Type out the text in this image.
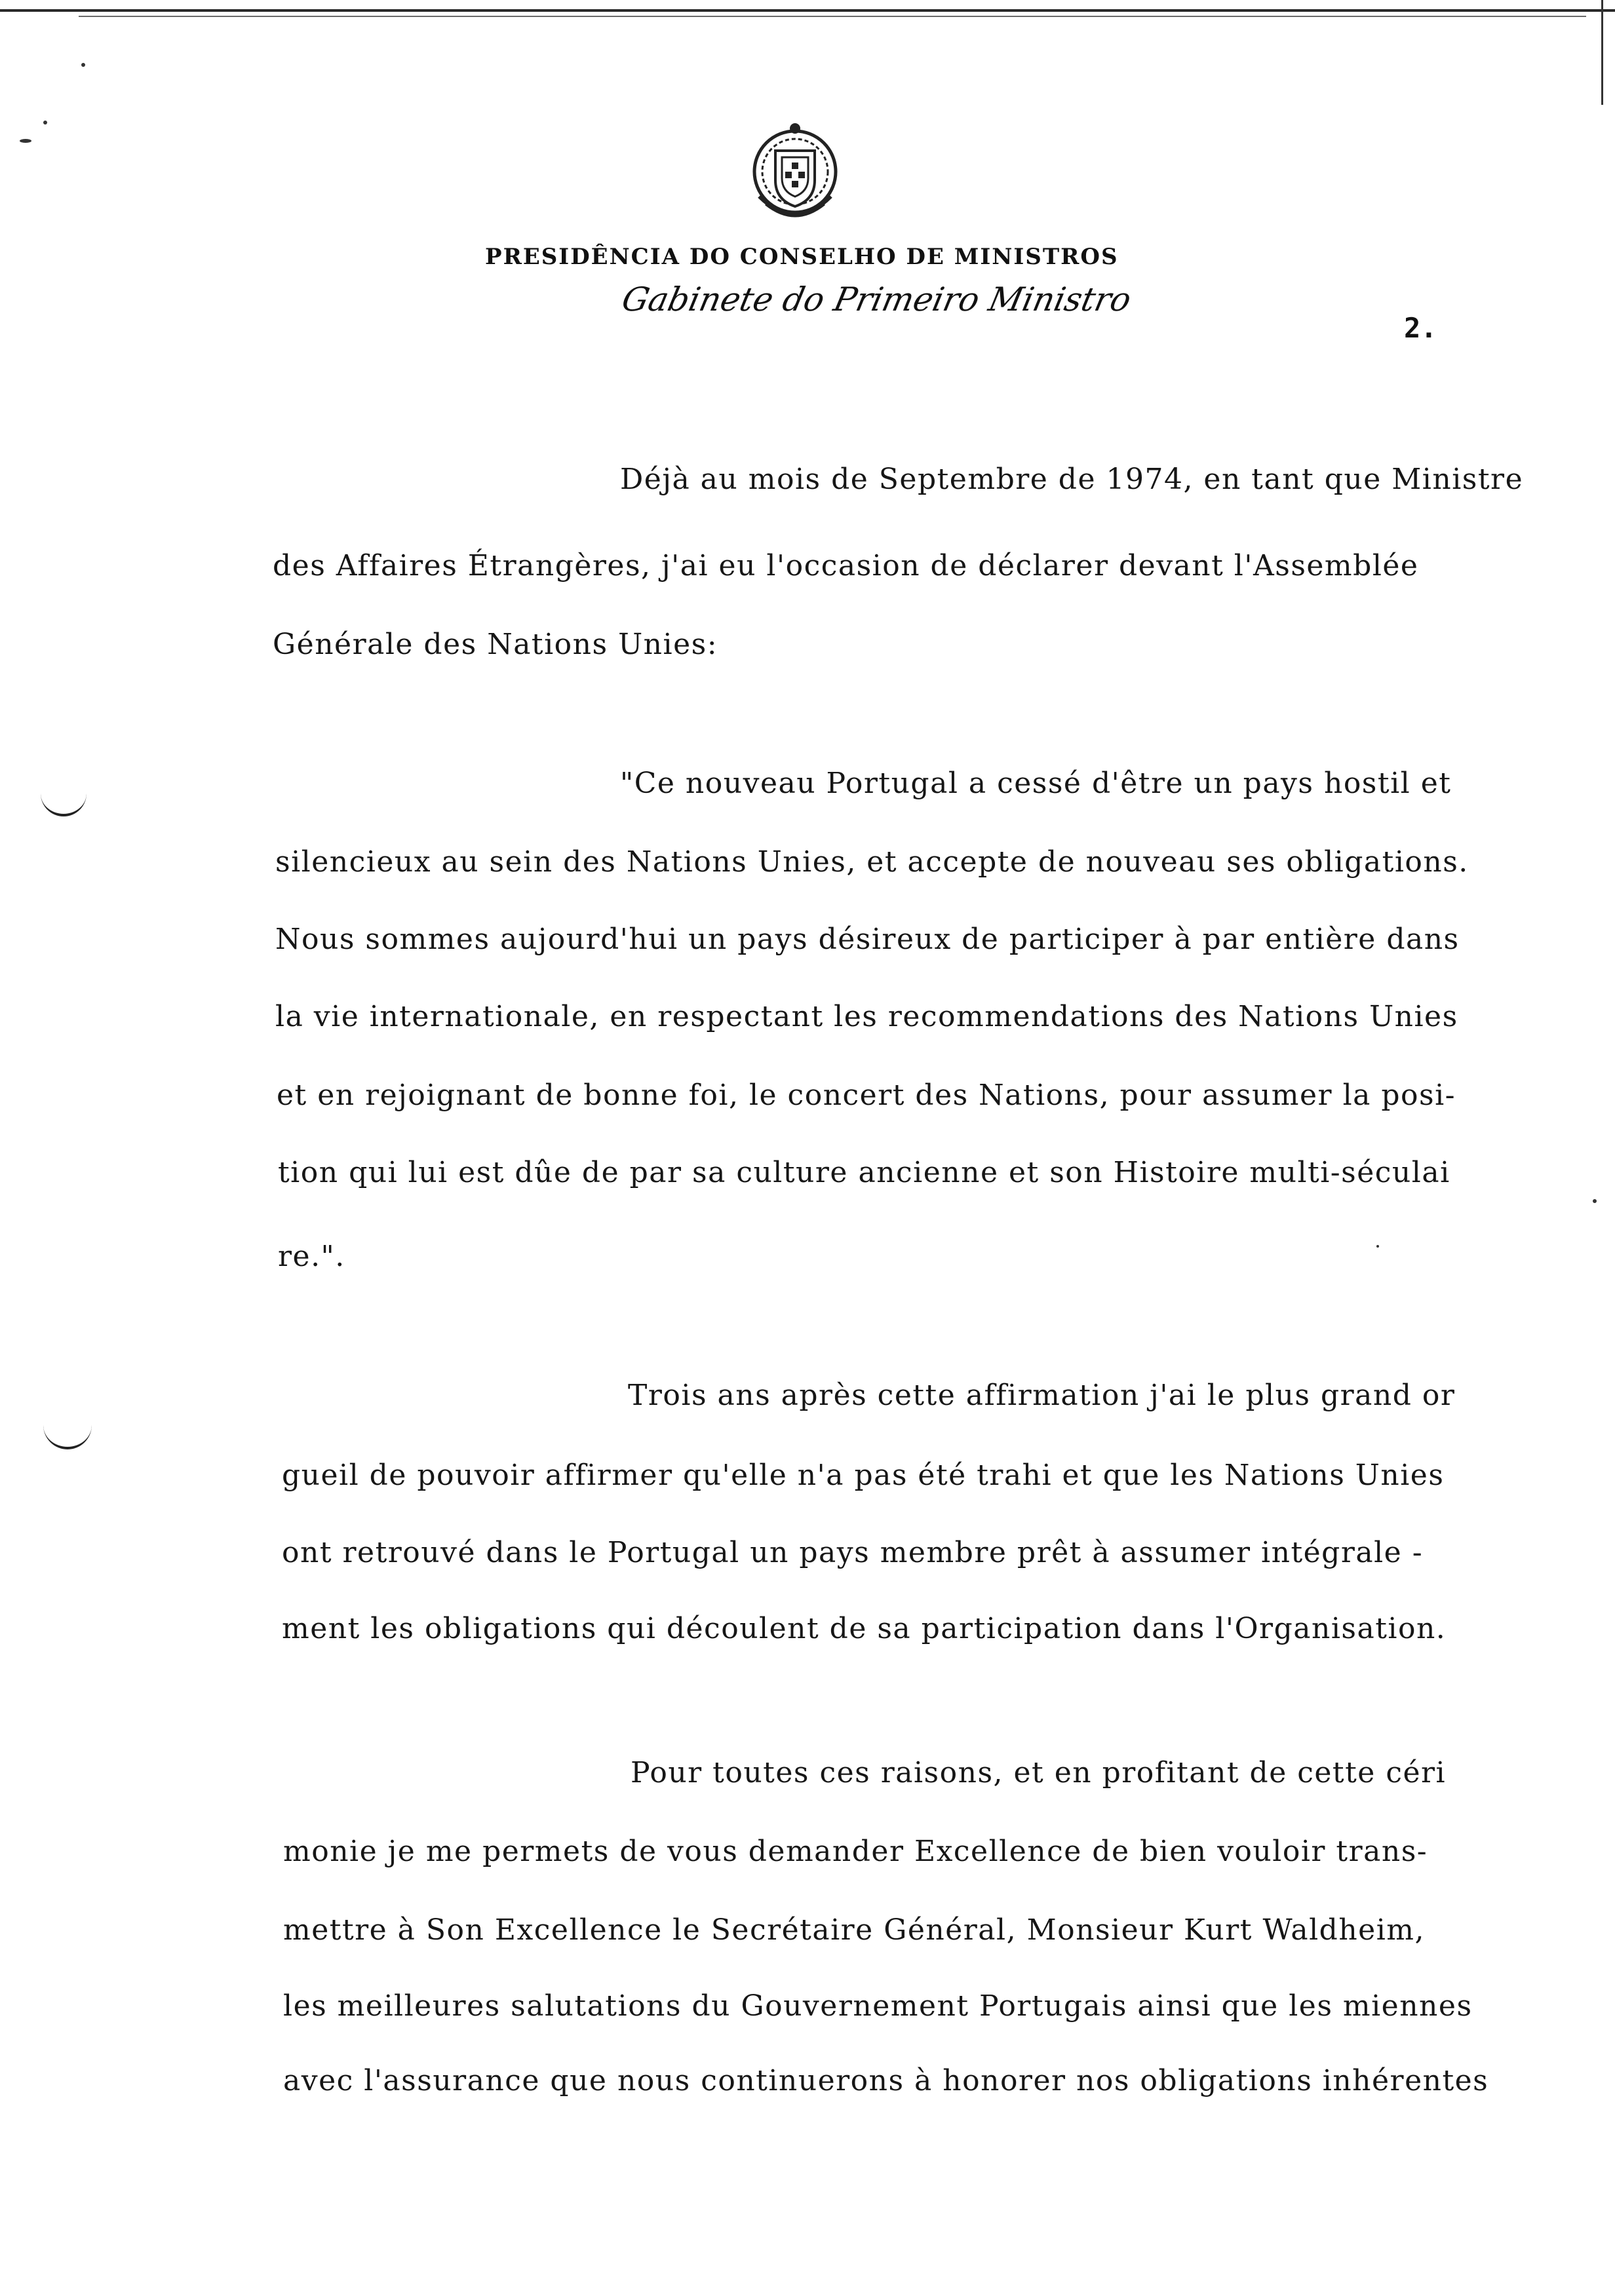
PRESIDÊNCIA DO CONSELHO DE MINISTROS
Gabinete do Primeiro Ministro
2.
Déjà au mois de Septembre de 1974, en tant que Ministre
des Affaires Étrangères, j'ai eu l'occasion de déclarer devant l'Assemblée
Générale des Nations Unies:
"Ce nouveau Portugal a cessé d'être un pays hostil et
silencieux au sein des Nations Unies, et accepte de nouveau ses obligations.
Nous sommes aujourd'hui un pays désireux de participer à par entière dans
la vie internationale, en respectant les recommendations des Nations Unies
et en rejoignant de bonne foi, le concert des Nations, pour assumer la posi-
tion qui lui est dûe de par sa culture ancienne et son Histoire multi-séculai
re.".
Trois ans après cette affirmation j'ai le plus grand or
gueil de pouvoir affirmer qu'elle n'a pas été trahi et que les Nations Unies
ont retrouvé dans le Portugal un pays membre prêt à assumer intégrale -
ment les obligations qui découlent de sa participation dans l'Organisation.
Pour toutes ces raisons, et en profitant de cette céri
monie je me permets de vous demander Excellence de bien vouloir trans-
mettre à Son Excellence le Secrétaire Général, Monsieur Kurt Waldheim,
les meilleures salutations du Gouvernement Portugais ainsi que les miennes
avec l'assurance que nous continuerons à honorer nos obligations inhérentes
